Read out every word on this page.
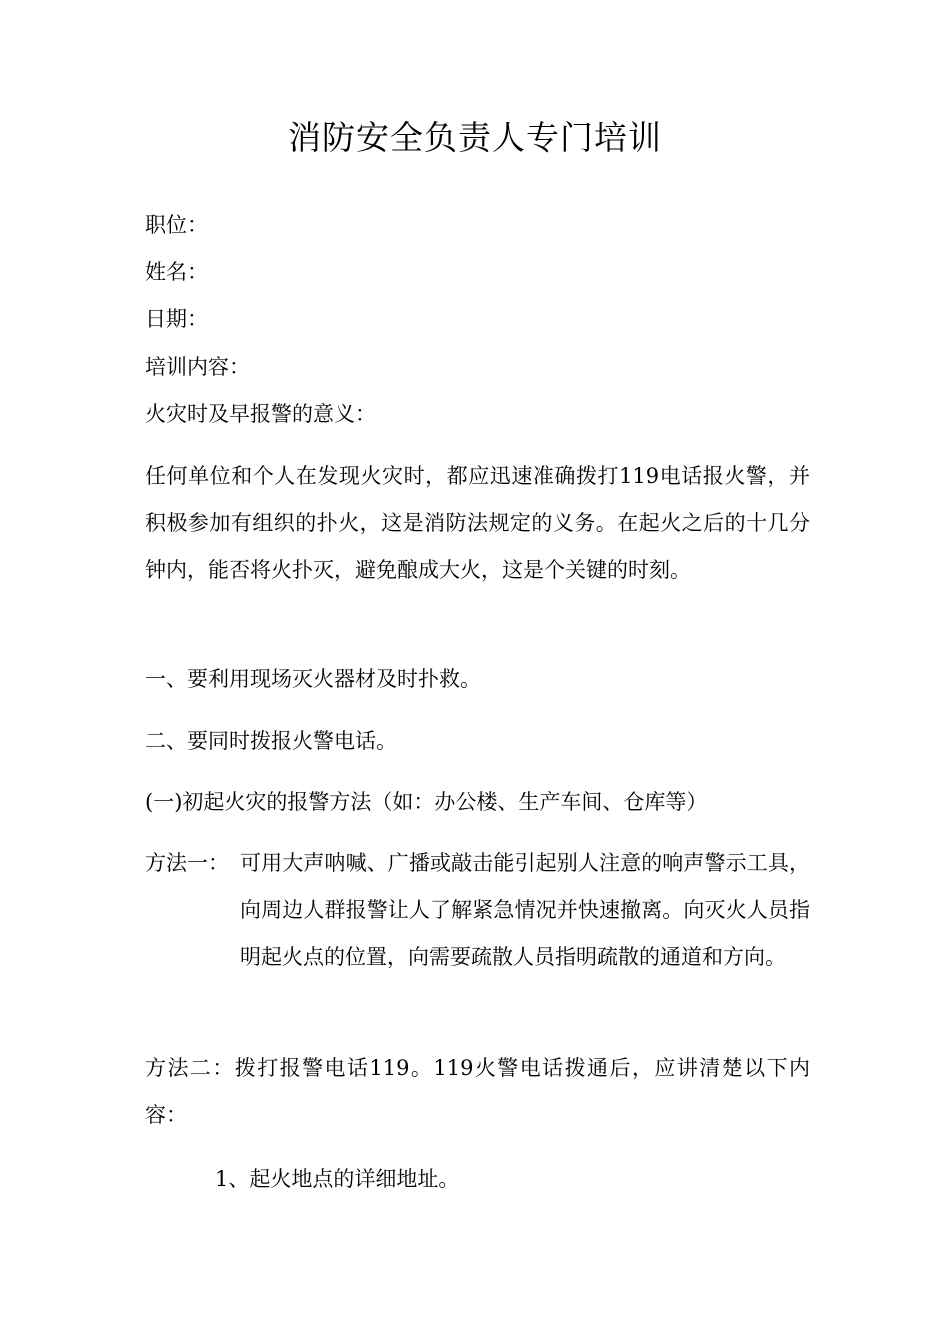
消防安全负责人专门培训

职位：

姓名：

日期：

培训内容：

火灾时及早报警的意义：

任何单位和个人在发现火灾时，都应迅速准确拨打119电话报火警，并积极参加有组织的扑火，这是消防法规定的义务。在起火之后的十几分钟内，能否将火扑灭，避免酿成大火，这是个关键的时刻。

一、要利用现场灭火器材及时扑救。

二、要同时拨报火警电话。

(一)初起火灾的报警方法（如：办公楼、生产车间、仓库等）

方法一： 可用大声呐喊、广播或敲击能引起别人注意的响声警示工具，向周边人群报警让人了解紧急情况并快速撤离。向灭火人员指明起火点的位置，向需要疏散人员指明疏散的通道和方向。
方法二：拨打报警电话119。119火警电话拨通后，应讲清楚以下内容：

1、起火地点的详细地址。
